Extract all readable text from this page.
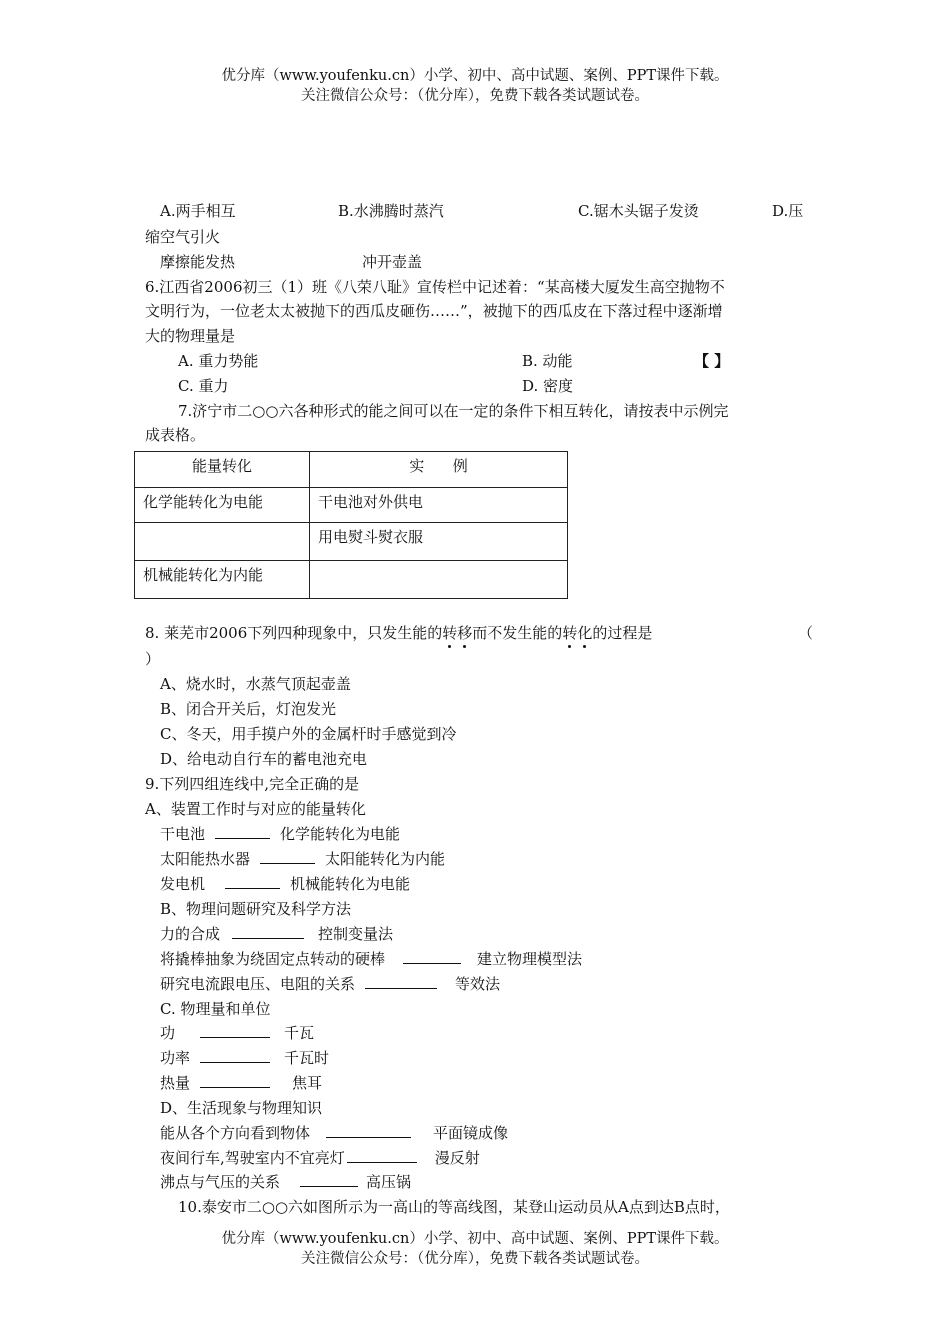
优分库（www.youfenku.cn）小学、初中、高中试题、案例、PPT课件下载。
关注微信公众号：（优分库），免费下载各类试题试卷。
A.两手相互	B.水沸腾时蒸汽	C.锯木头锯子发烫	D.压
缩空气引火
摩擦能发热	冲开壶盖
6.江西省2006初三（1）班《八荣八耻》宣传栏中记述着：“某高楼大厦发生高空抛物不
文明行为，一位老太太被抛下的西瓜皮砸伤……”，被抛下的西瓜皮在下落过程中逐渐增
大的物理量是
A. 重力势能	B. 动能	【 】
C. 重力	D. 密度
7.济宁市二○○六各种形式的能之间可以在一定的条件下相互转化，请按表中示例完
成表格。
能量转化	实      例
化学能转化为电能	干电池对外供电
	用电熨斗熨衣服
机械能转化为内能	
8. 莱芜市2006下列四种现象中，只发生能的转移而不发生能的转化的过程是	（
）
A、烧水时，水蒸气顶起壶盖
B、闭合开关后，灯泡发光
C、冬天，用手摸户外的金属杆时手感觉到冷
D、给电动自行车的蓄电池充电
9.下列四组连线中,完全正确的是
A、装置工作时与对应的能量转化
干电池	化学能转化为电能
太阳能热水器	太阳能转化为内能
发电机	机械能转化为电能
B、物理问题研究及科学方法
力的合成	控制变量法
将撬棒抽象为绕固定点转动的硬棒	建立物理模型法
研究电流跟电压、电阻的关系	等效法
C. 物理量和单位
功	千瓦
功率	千瓦时
热量	焦耳
D、生活现象与物理知识
能从各个方向看到物体	平面镜成像
夜间行车,驾驶室内不宜亮灯	漫反射
沸点与气压的关系	高压锅
10.泰安市二○○六如图所示为一高山的等高线图，某登山运动员从A点到达B点时，
优分库（www.youfenku.cn）小学、初中、高中试题、案例、PPT课件下载。
关注微信公众号：（优分库），免费下载各类试题试卷。
